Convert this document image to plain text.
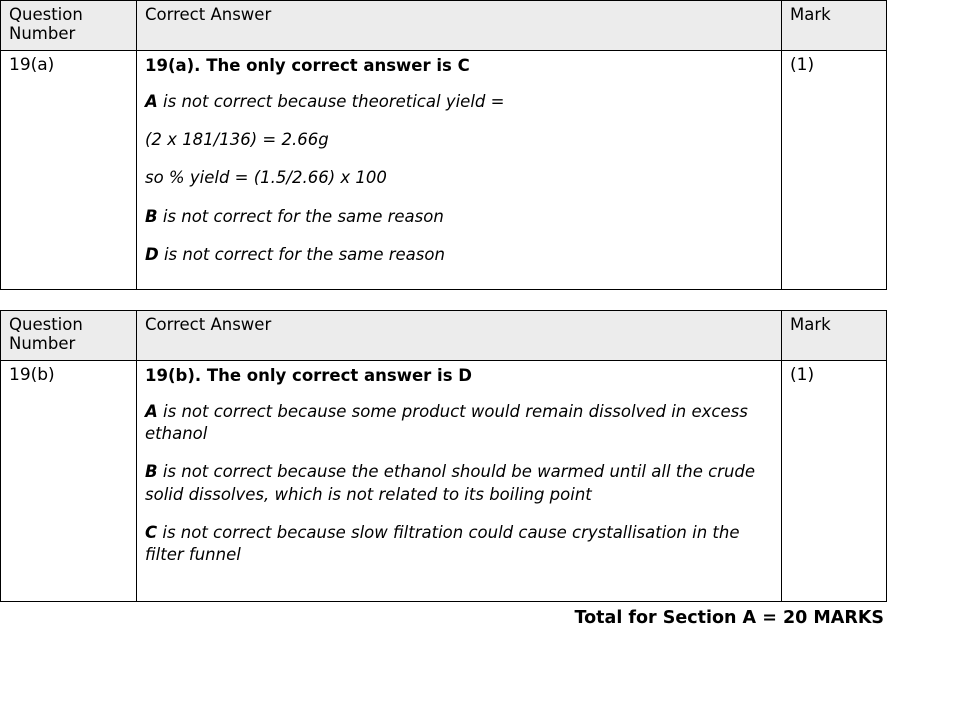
Question
Number	Correct Answer	Mark
19(a)	19(a). The only correct answer is C
A is not correct because theoretical yield =
(2 x 181/136) = 2.66g
so % yield = (1.5/2.66) x 100
B is not correct for the same reason
D is not correct for the same reason
	(1)
Question
Number	Correct Answer	Mark
19(b)	19(b). The only correct answer is D
A is not correct because some product would remain dissolved in excess ethanol
B is not correct because the ethanol should be warmed until all the crude solid dissolves, which is not related to its boiling point
C is not correct because slow filtration could cause crystallisation in the filter funnel	(1)
Total for Section A = 20 MARKS
